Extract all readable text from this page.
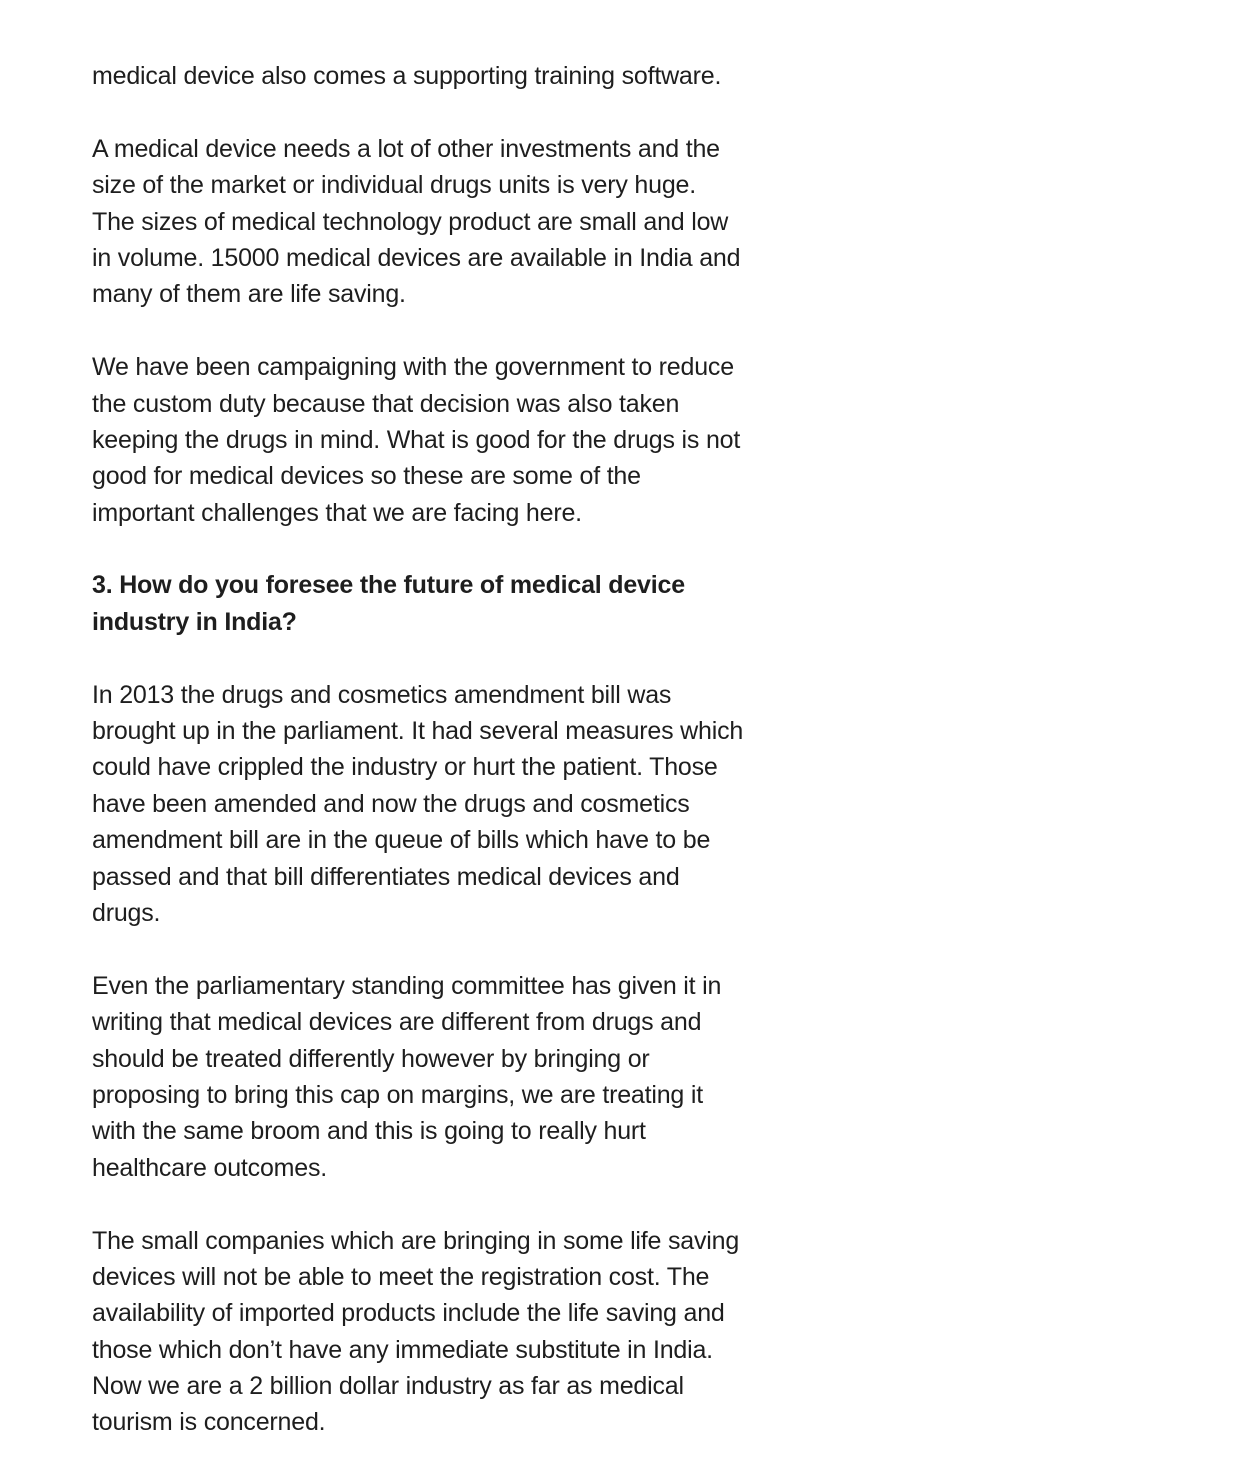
medical device also comes a supporting training software.
A medical device needs a lot of other investments and the
size of the market or individual drugs units is very huge.
The sizes of medical technology product are small and low
in volume. 15000 medical devices are available in India and
many of them are life saving.
We have been campaigning with the government to reduce
the custom duty because that decision was also taken
keeping the drugs in mind. What is good for the drugs is not
good for medical devices so these are some of the
important challenges that we are facing here.
3. How do you foresee the future of medical device
industry in India?
In 2013 the drugs and cosmetics amendment bill was
brought up in the parliament. It had several measures which
could have crippled the industry or hurt the patient. Those
have been amended and now the drugs and cosmetics
amendment bill are in the queue of bills which have to be
passed and that bill differentiates medical devices and
drugs.
Even the parliamentary standing committee has given it in
writing that medical devices are different from drugs and
should be treated differently however by bringing or
proposing to bring this cap on margins, we are treating it
with the same broom and this is going to really hurt
healthcare outcomes.
The small companies which are bringing in some life saving
devices will not be able to meet the registration cost. The
availability of imported products include the life saving and
those which don’t have any immediate substitute in India.
Now we are a 2 billion dollar industry as far as medical
tourism is concerned.
